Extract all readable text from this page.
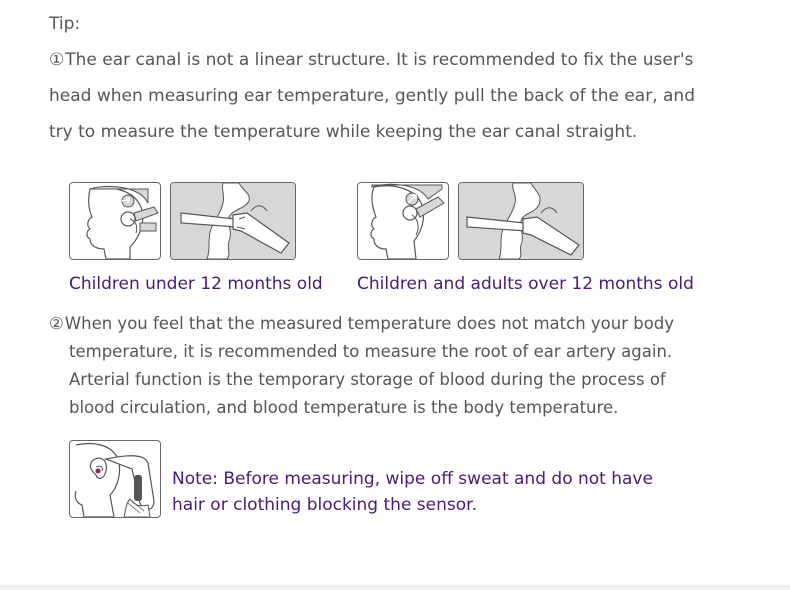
Tip:
①The ear canal is not a linear structure. It is recommended to fix the user's
head when measuring ear temperature, gently pull the back of the ear, and
try to measure the temperature while keeping the ear canal straight.
Children under 12 months old Children and adults over 12 months old
②When you feel that the measured temperature does not match your body
temperature, it is recommended to measure the root of ear artery again.
Arterial function is the temporary storage of blood during the process of
blood circulation, and blood temperature is the body temperature.
Note: Before measuring, wipe off sweat and do not have
hair or clothing blocking the sensor.
